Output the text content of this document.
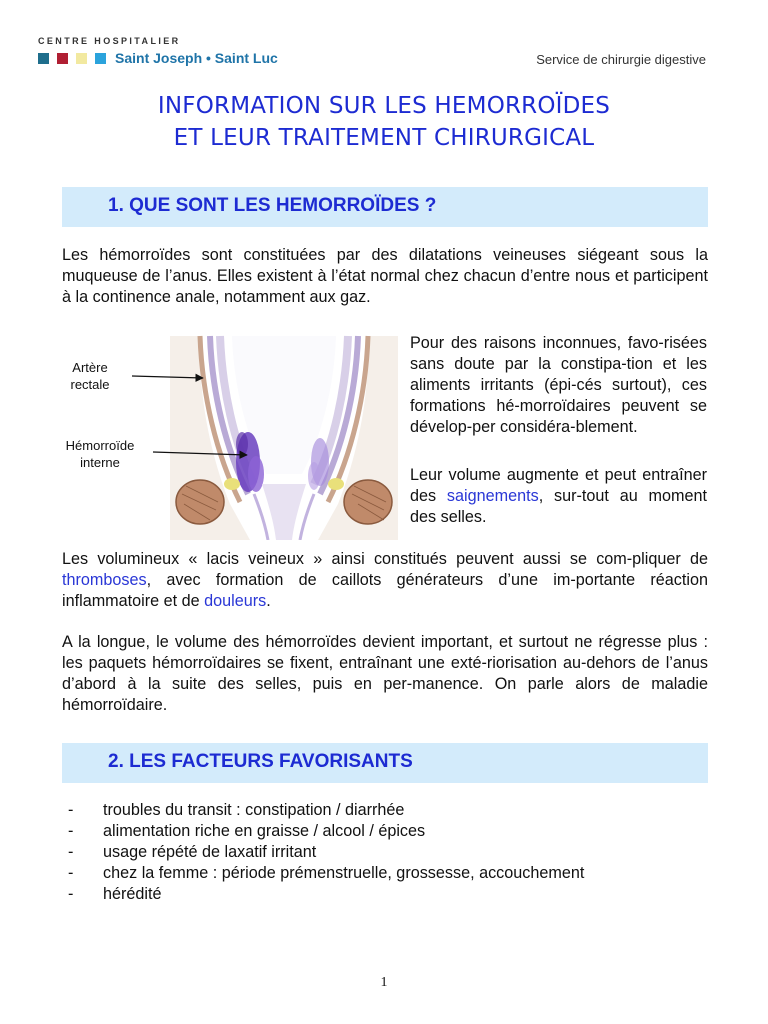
CENTRE HOSPITALIER
Saint Joseph • Saint Luc	Service de chirurgie digestive
INFORMATION SUR LES HEMORROÏDES
ET LEUR TRAITEMENT CHIRURGICAL
1. QUE SONT LES HEMORROÏDES ?
Les hémorroïdes sont constituées par des dilatations veineuses siégeant sous la muqueuse de l’anus. Elles existent à l’état normal chez chacun d’entre nous et participent à la continence anale, notamment aux gaz.
Artère
rectale
Hémorroïde
interne
Pour des raisons inconnues, favo-risées sans doute par la constipa-tion et les aliments irritants (épi-cés surtout), ces formations hé-morroïdaires peuvent se dévelop-per considéra-blement.
Leur volume augmente et peut entraîner des saignements, sur-tout au moment des selles.
Les volumineux « lacis veineux » ainsi constitués peuvent aussi se com-pliquer de thromboses, avec formation de caillots générateurs d’une im-portante réaction inflammatoire et de douleurs.
A la longue, le volume des hémorroïdes devient important, et surtout ne régresse plus : les paquets hémorroïdaires se fixent, entraînant une exté-riorisation au-dehors de l’anus d’abord à la suite des selles, puis en per-manence. On parle alors de maladie hémorroïdaire.
2. LES FACTEURS FAVORISANTS
-	troubles du transit : constipation / diarrhée
-	alimentation riche en graisse / alcool / épices
-	usage répété de laxatif irritant
-	chez la femme : période prémenstruelle, grossesse, accouchement
-	hérédité
1
